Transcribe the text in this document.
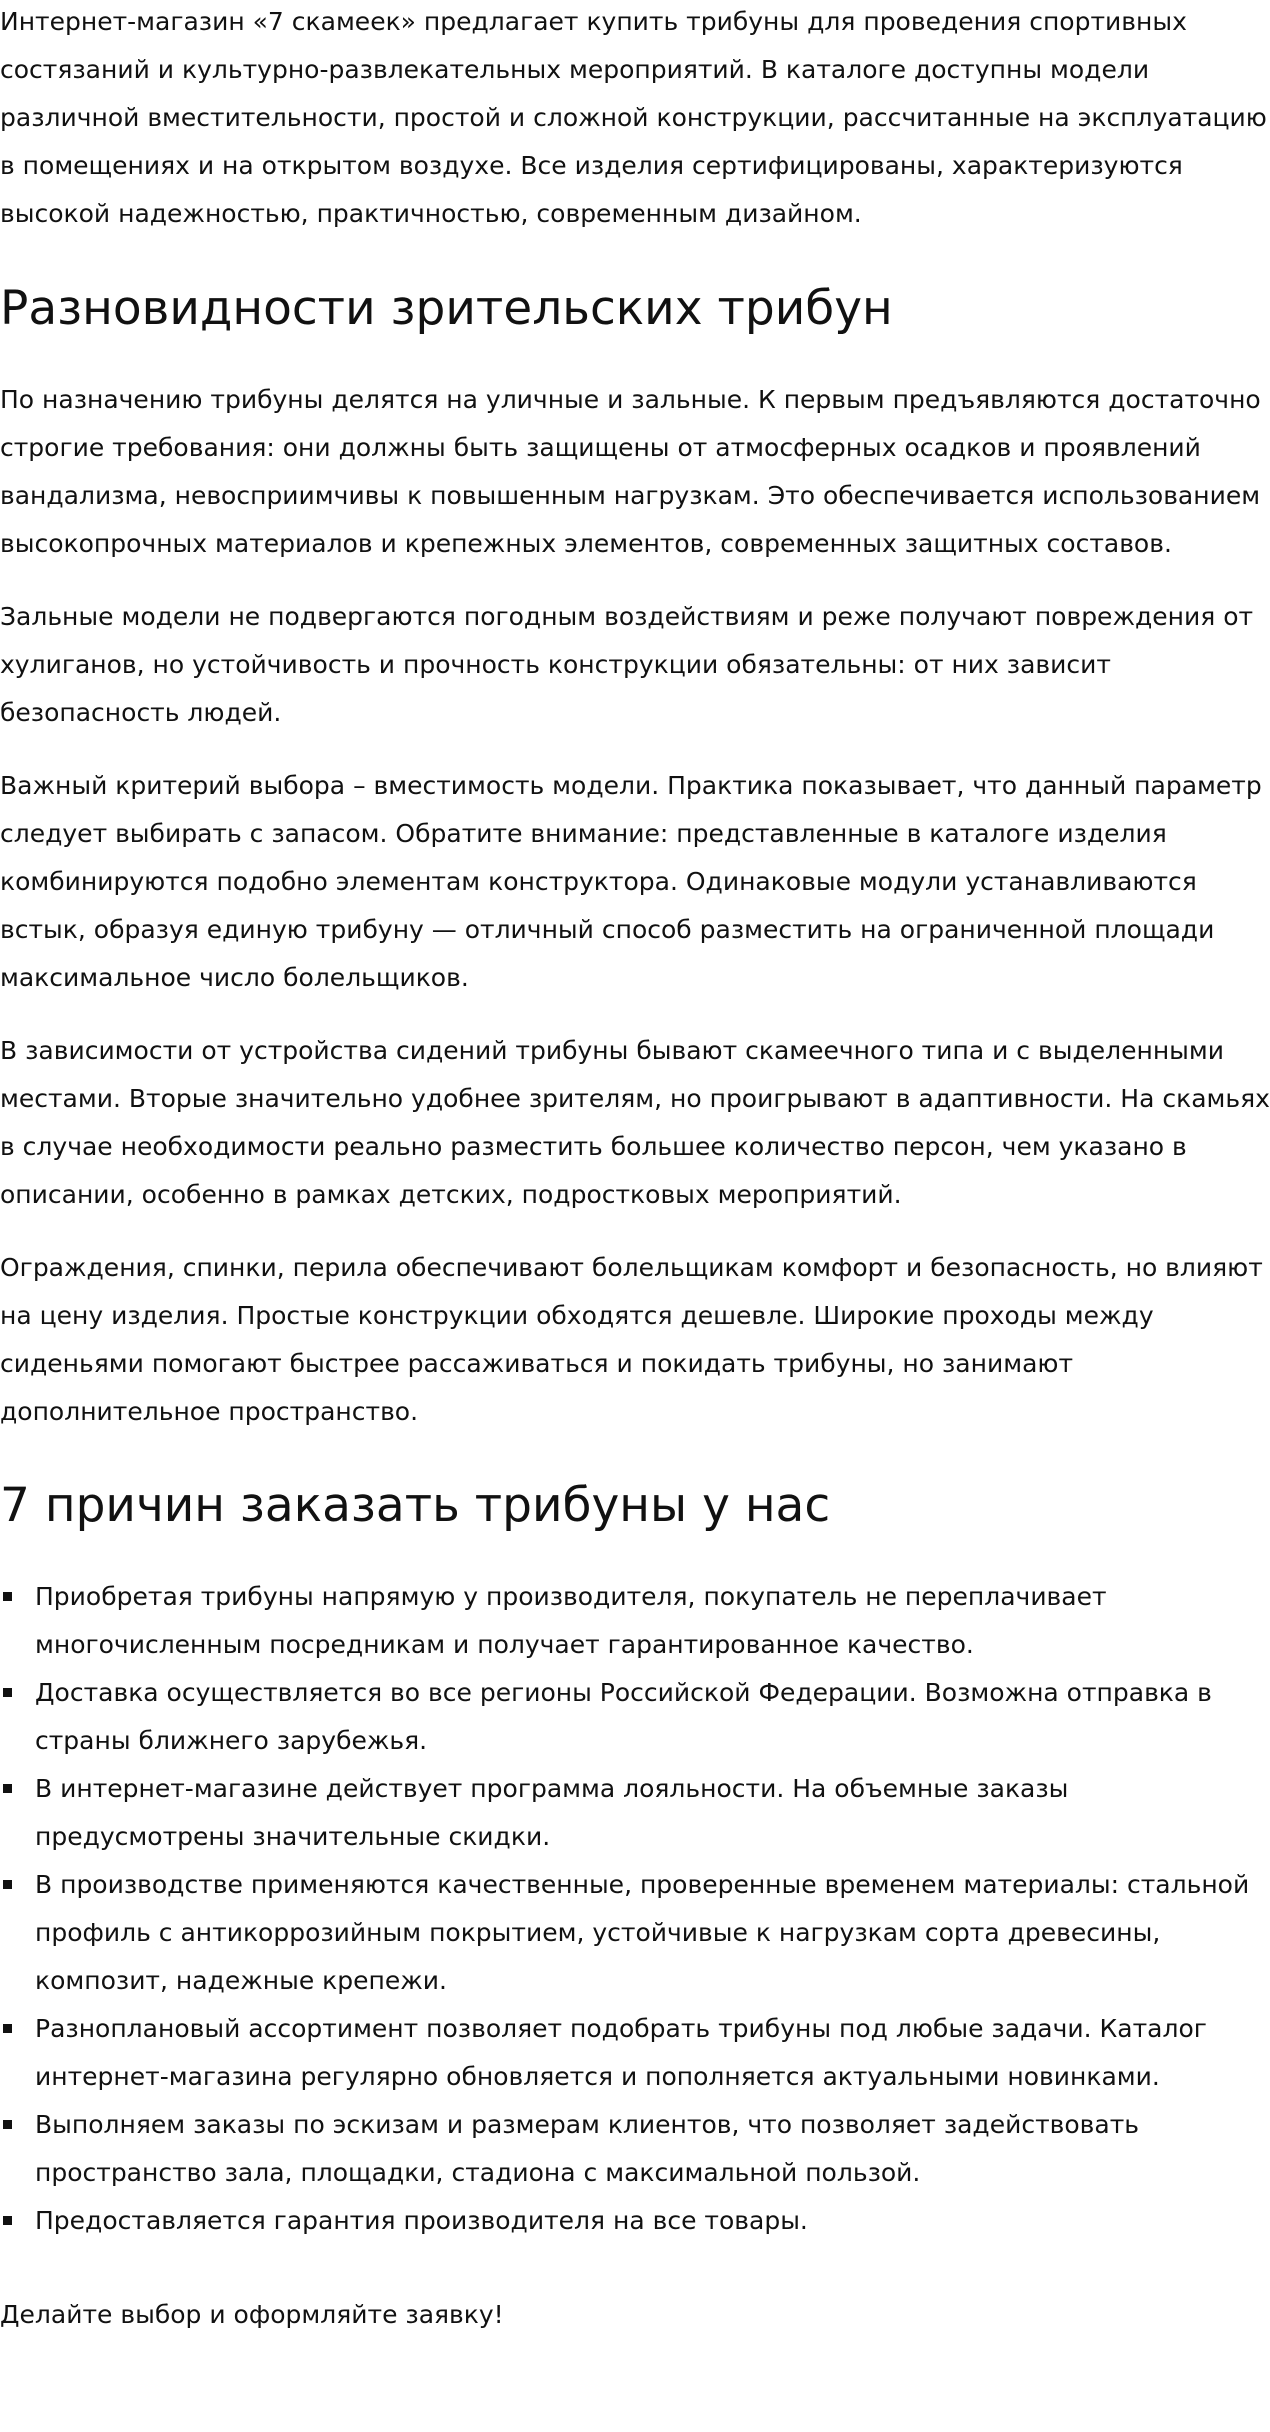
Интернет-магазин «7 скамеек» предлагает купить трибуны для проведения спортивных состязаний и культурно-развлекательных мероприятий. В каталоге доступны модели различной вместительности, простой и сложной конструкции, рассчитанные на эксплуатацию в помещениях и на открытом воздухе. Все изделия сертифицированы, характеризуются высокой надежностью, практичностью, современным дизайном.

Разновидности зрительских трибун

По назначению трибуны делятся на уличные и зальные. К первым предъявляются достаточно строгие требования: они должны быть защищены от атмосферных осадков и проявлений вандализма, невосприимчивы к повышенным нагрузкам. Это обеспечивается использованием высокопрочных материалов и крепежных элементов, современных защитных составов.

Зальные модели не подвергаются погодным воздействиям и реже получают повреждения от хулиганов, но устойчивость и прочность конструкции обязательны: от них зависит безопасность людей.

Важный критерий выбора – вместимость модели. Практика показывает, что данный параметр следует выбирать с запасом. Обратите внимание: представленные в каталоге изделия комбинируются подобно элементам конструктора. Одинаковые модули устанавливаются встык, образуя единую трибуну — отличный способ разместить на ограниченной площади максимальное число болельщиков.

В зависимости от устройства сидений трибуны бывают скамеечного типа и с выделенными местами. Вторые значительно удобнее зрителям, но проигрывают в адаптивности. На скамьях в случае необходимости реально разместить большее количество персон, чем указано в описании, особенно в рамках детских, подростковых мероприятий.

Ограждения, спинки, перила обеспечивают болельщикам комфорт и безопасность, но влияют на цену изделия. Простые конструкции обходятся дешевле. Широкие проходы между сиденьями помогают быстрее рассаживаться и покидать трибуны, но занимают дополнительное пространство.

7 причин заказать трибуны у нас
Приобретая трибуны напрямую у производителя, покупатель не переплачивает многочисленным посредникам и получает гарантированное качество.
Доставка осуществляется во все регионы Российской Федерации. Возможна отправка в страны ближнего зарубежья.
В интернет-магазине действует программа лояльности. На объемные заказы предусмотрены значительные скидки.
В производстве применяются качественные, проверенные временем материалы: стальной профиль с антикоррозийным покрытием, устойчивые к нагрузкам сорта древесины, композит, надежные крепежи.
Разноплановый ассортимент позволяет подобрать трибуны под любые задачи. Каталог интернет-магазина регулярно обновляется и пополняется актуальными новинками.
Выполняем заказы по эскизам и размерам клиентов, что позволяет задействовать пространство зала, площадки, стадиона с максимальной пользой.
Предоставляется гарантия производителя на все товары.

Делайте выбор и оформляйте заявку!
